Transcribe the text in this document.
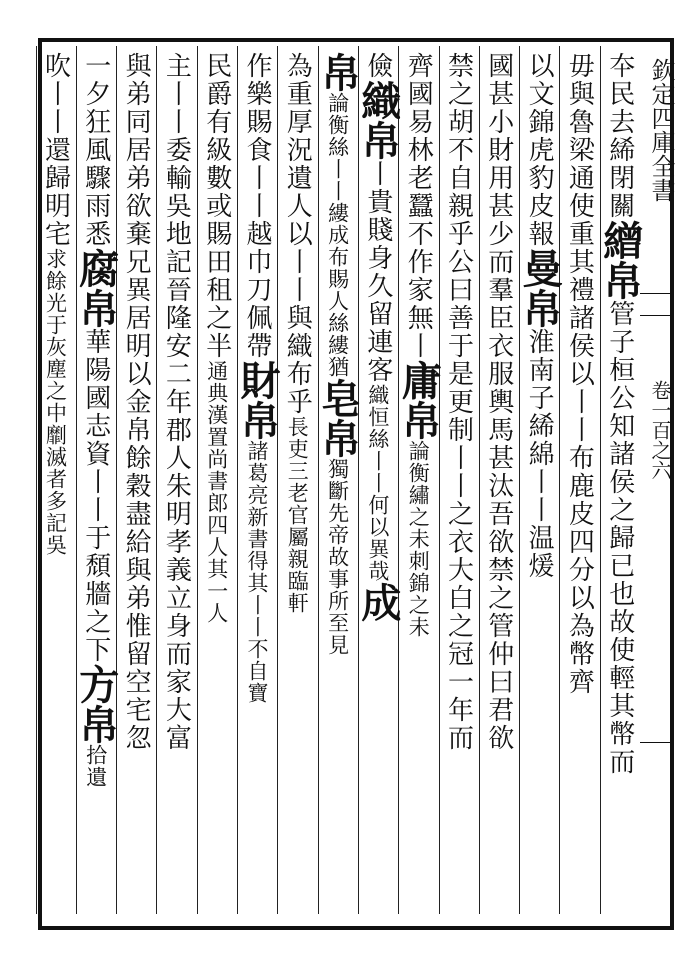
欽定四庫全書
卷一百之六
夲民去絺閉關繒帛管子桓公知諸侯之歸已也故使輕其幣而
毋與魯梁通使重其禮諸侯以丨丨布鹿皮四分以為幣齊
以文錦虎豹皮報曼帛淮南子絺綿丨丨温煖
國甚小財用甚少而羣臣衣服輿馬甚汰吾欲禁之管仲曰君欲
禁之胡不自親乎公曰善于是更制丨丨之衣大白之冠一年而
齊國易林老蠶不作家無丨庸帛論衡繡之未刺錦之未
儉織帛丨貴賤身久留連客織恒絲丨丨何以異哉成
帛論衡絲丨丨縷成布賜人絲縷猶皂帛獨斷先帝故事所至見
為重厚況遺人以丨丨與織布乎長吏三老官屬親臨軒
作樂賜食丨丨越巾刀佩帶財帛諸葛亮新書得其丨丨不自寶
民爵有級數或賜田租之半通典漢置尚書郎四人其一人
主丨丨委輸吳地記晉隆安二年郡人朱明孝義立身而家大富
與弟同居弟欲棄兄異居明以金帛餘穀盡給與弟惟留空宅忽
一夕狂風驟雨悉腐帛華陽國志資丨丨于頹牆之下方帛拾遺
吹丨丨還歸明宅求餘光于灰塵之中劘滅者多記吳
